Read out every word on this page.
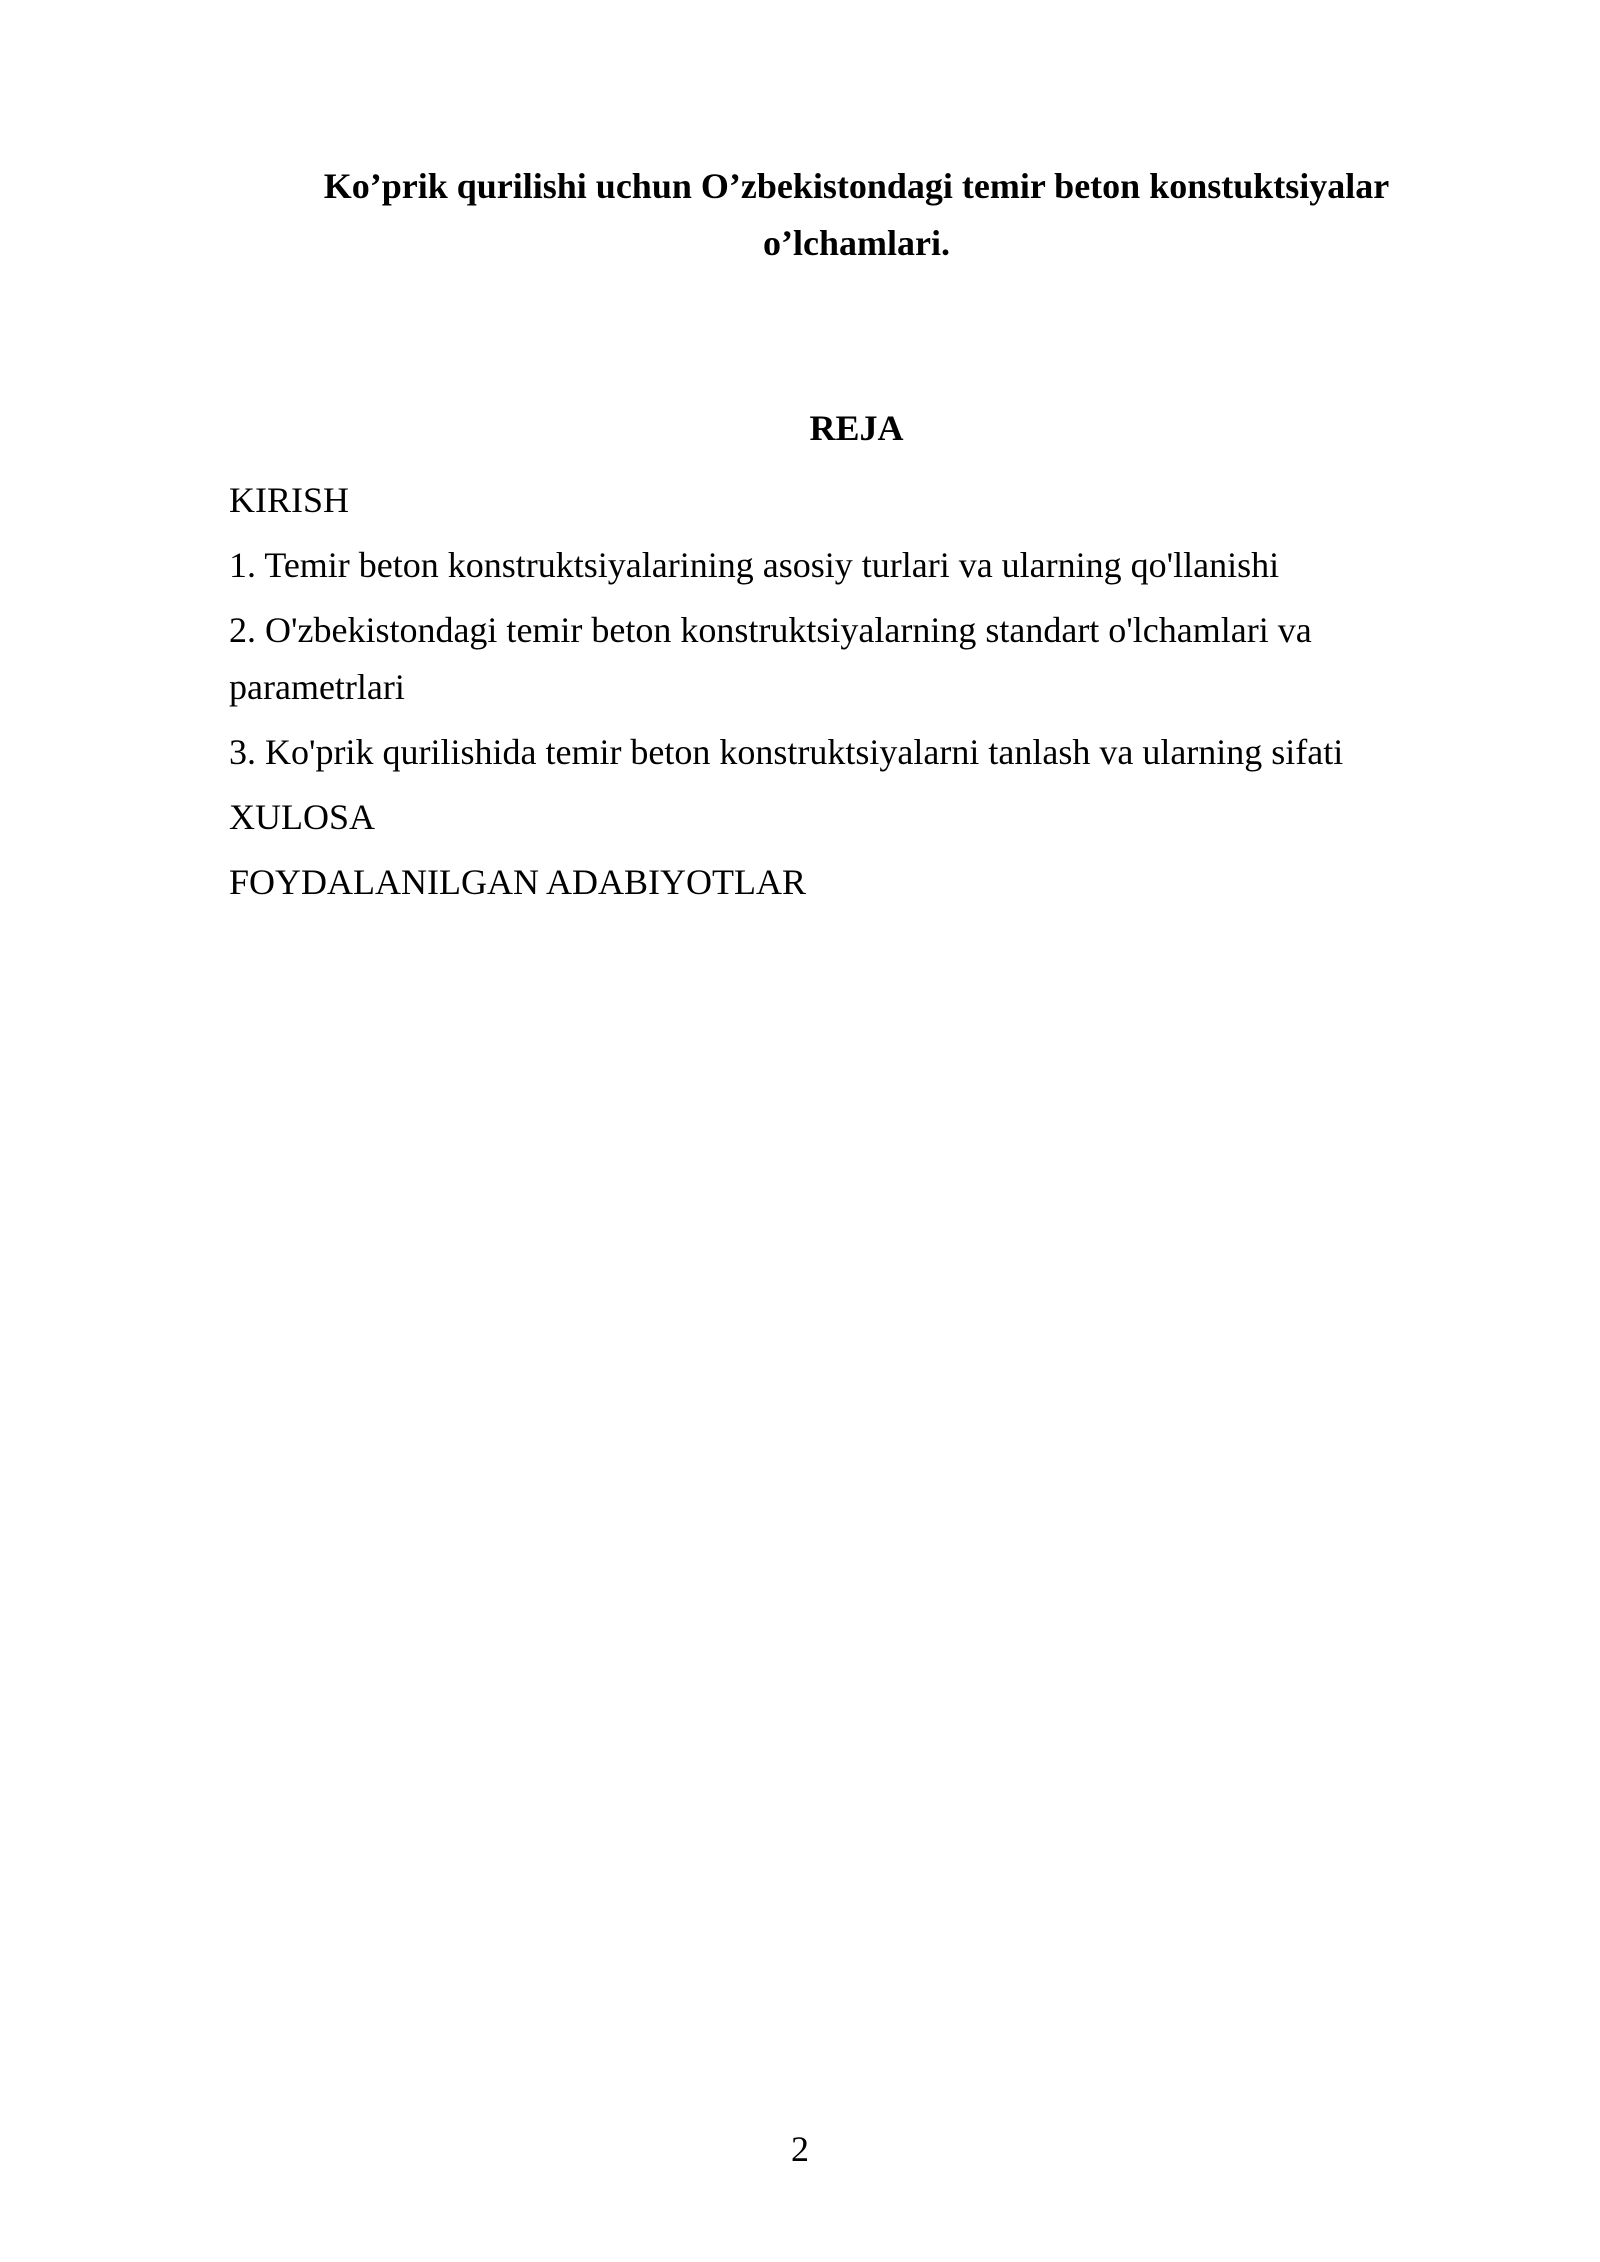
Ko’prik qurilishi uchun O’zbekistondagi temir beton konstuktsiyalar
o’lchamlari.
REJA
KIRISH
1. Temir beton konstruktsiyalarining asosiy turlari va ularning qo'llanishi
2. O'zbekistondagi temir beton konstruktsiyalarning standart o'lchamlari va parametrlari
3. Ko'prik qurilishida temir beton konstruktsiyalarni tanlash va ularning sifati
XULOSA
FOYDALANILGAN ADABIYOTLAR
2
